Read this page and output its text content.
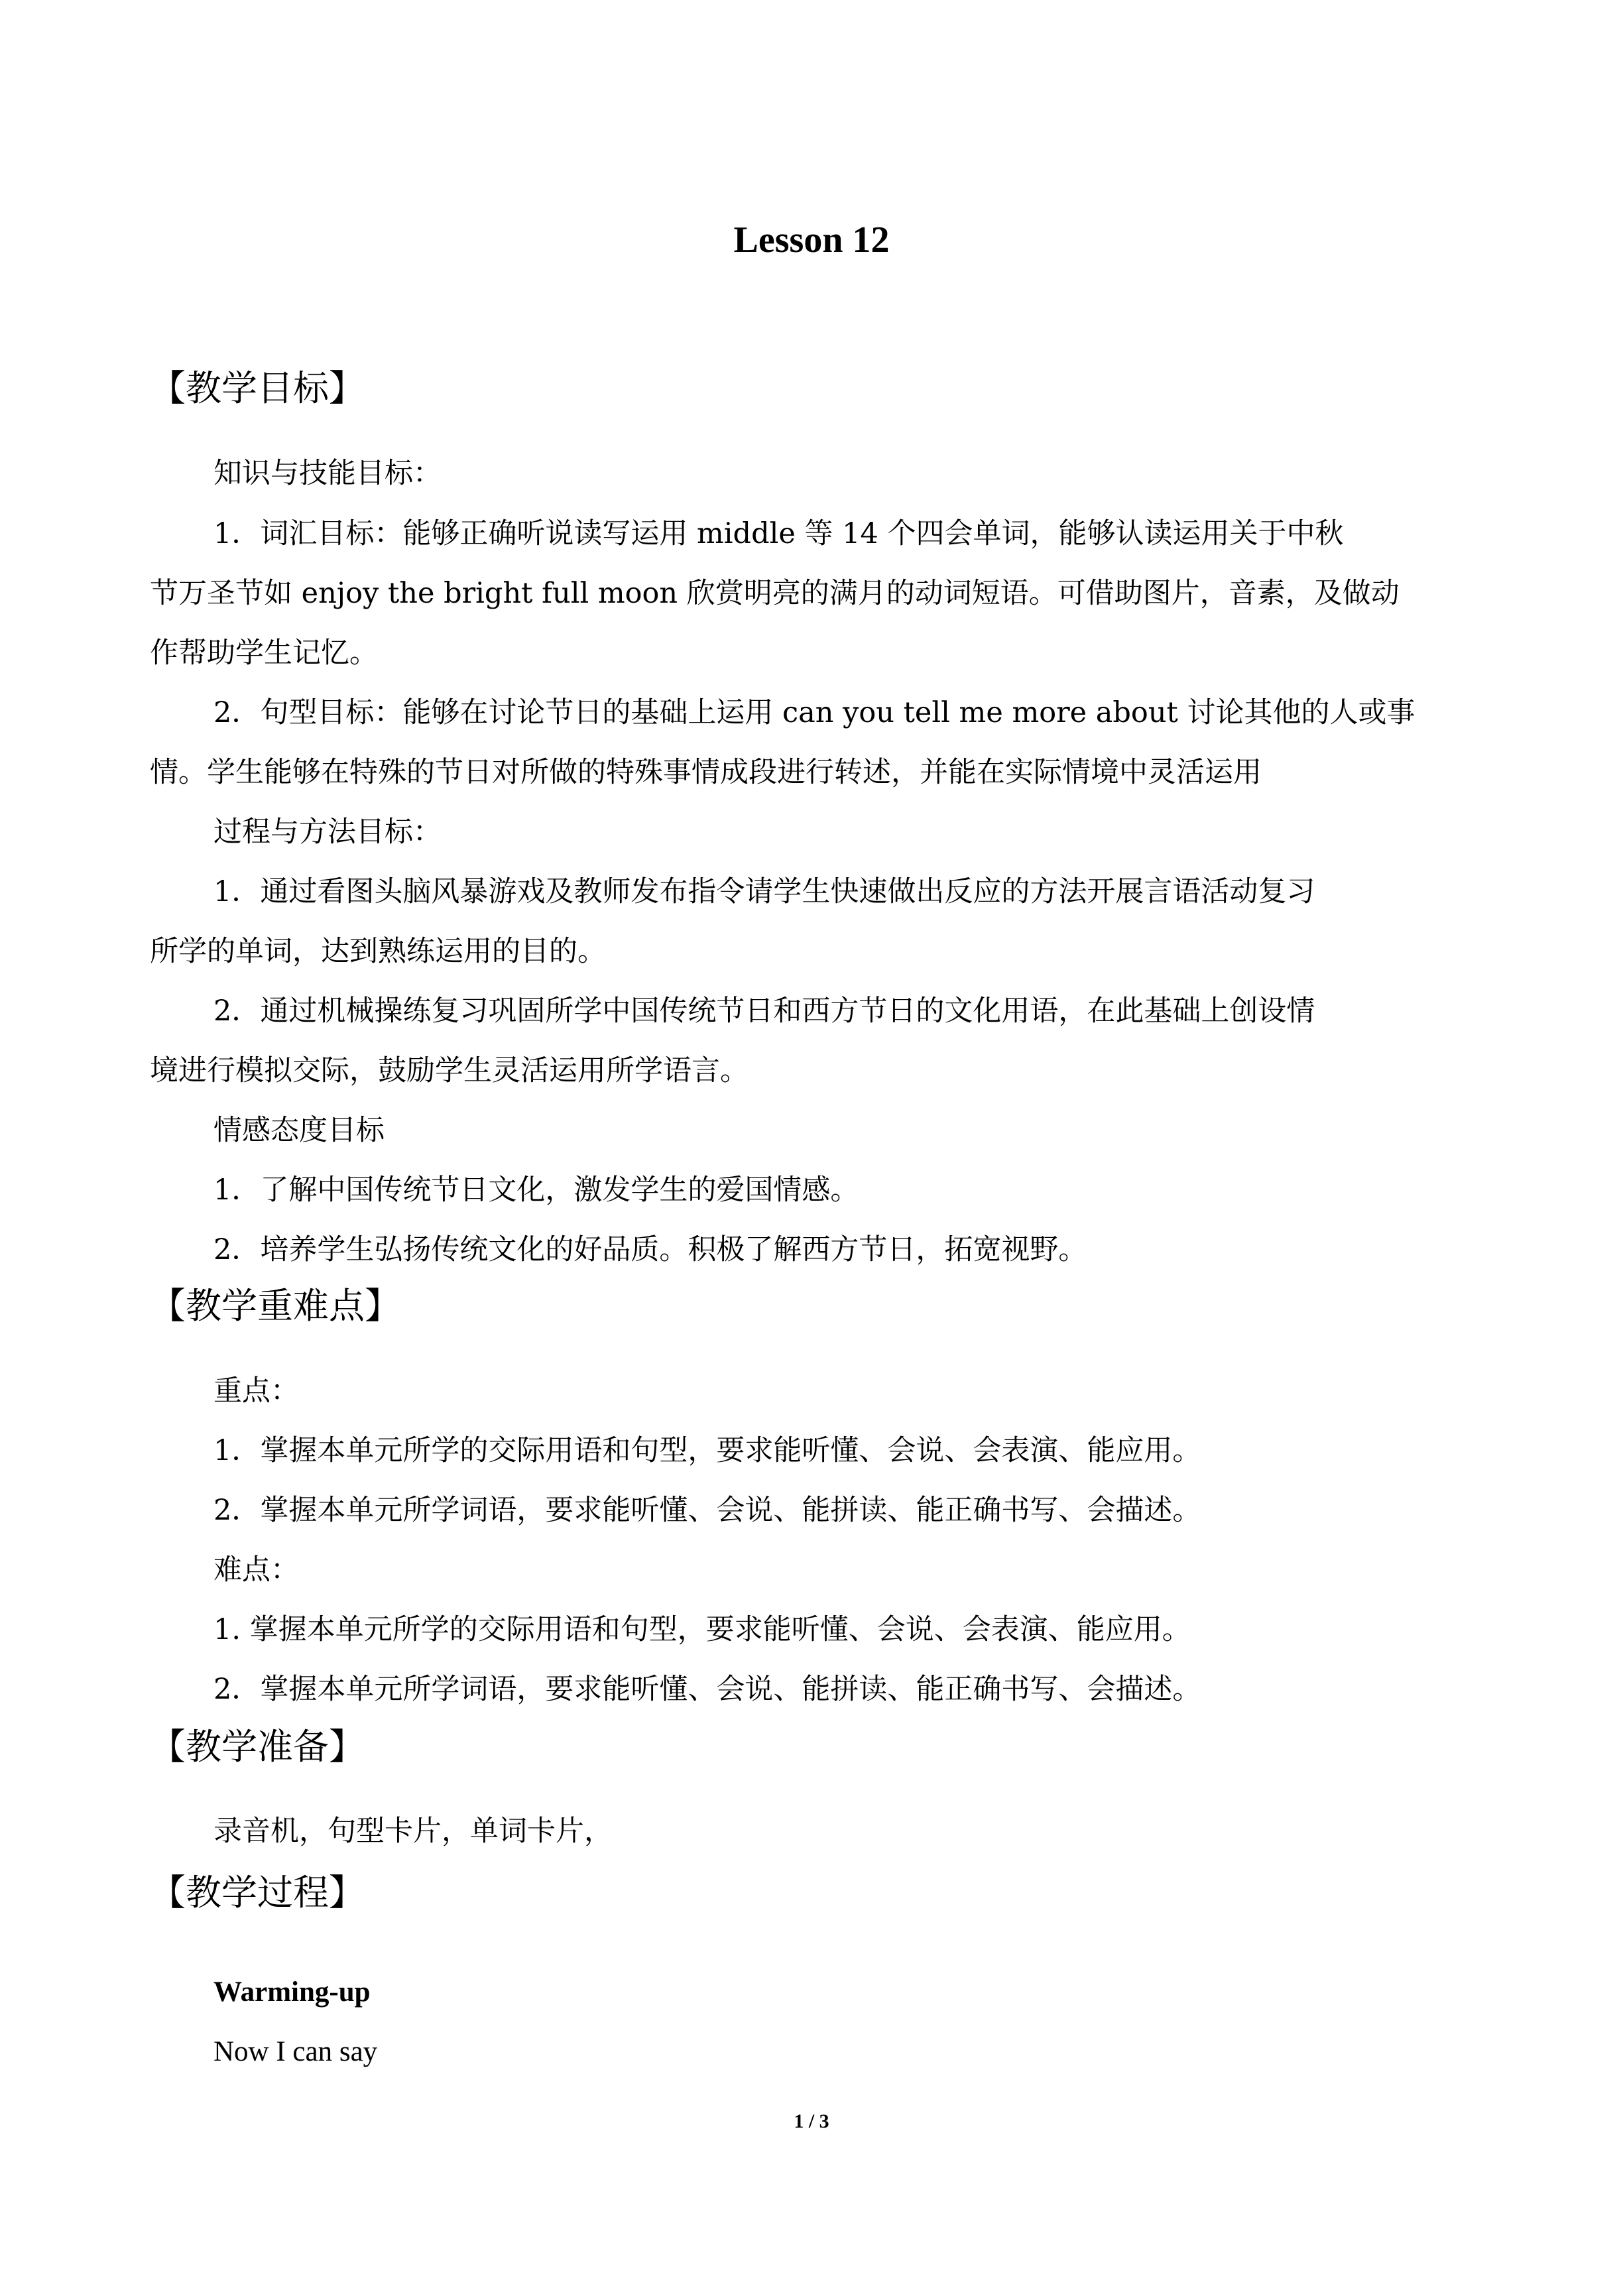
Lesson 12
【教学目标】
知识与技能目标：
1．词汇目标：能够正确听说读写运用 middle 等 14 个四会单词，能够认读运用关于中秋
节万圣节如 enjoy the bright full moon 欣赏明亮的满月的动词短语。可借助图片，音素，及做动
作帮助学生记忆。
2．句型目标：能够在讨论节日的基础上运用 can you tell me more about 讨论其他的人或事
情。学生能够在特殊的节日对所做的特殊事情成段进行转述，并能在实际情境中灵活运用
过程与方法目标：
1．通过看图头脑风暴游戏及教师发布指令请学生快速做出反应的方法开展言语活动复习
所学的单词，达到熟练运用的目的。
2．通过机械操练复习巩固所学中国传统节日和西方节日的文化用语，在此基础上创设情
境进行模拟交际，鼓励学生灵活运用所学语言。
情感态度目标
1．了解中国传统节日文化，激发学生的爱国情感。
2．培养学生弘扬传统文化的好品质。积极了解西方节日，拓宽视野。
【教学重难点】
重点：
1．掌握本单元所学的交际用语和句型，要求能听懂、会说、会表演、能应用。
2．掌握本单元所学词语，要求能听懂、会说、能拼读、能正确书写、会描述。
难点：
1. 掌握本单元所学的交际用语和句型，要求能听懂、会说、会表演、能应用。
2．掌握本单元所学词语，要求能听懂、会说、能拼读、能正确书写、会描述。
【教学准备】
录音机，句型卡片，单词卡片，
【教学过程】
Warming-up
Now I can say
1 / 3
